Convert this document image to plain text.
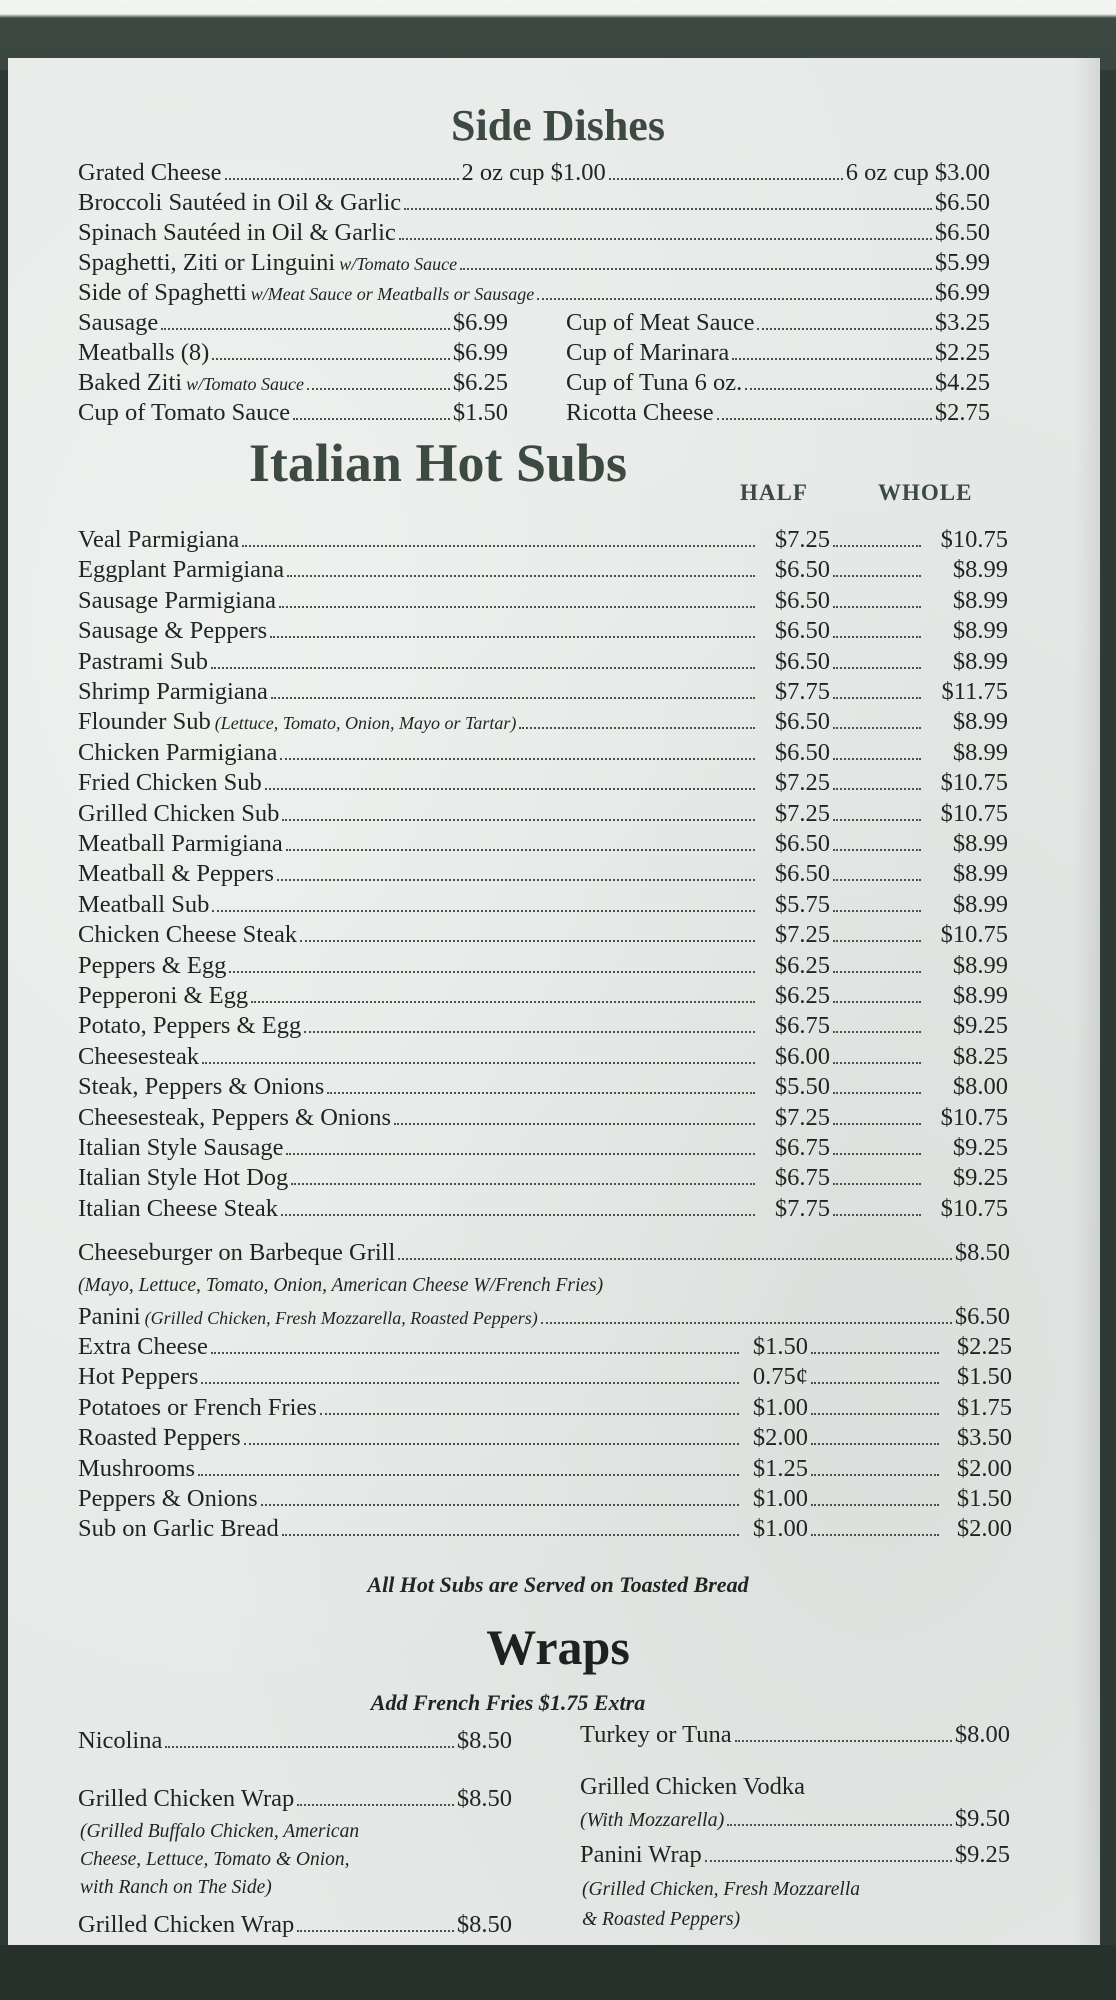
Side Dishes
Grated Cheese	2 oz cup $1.00	6 oz cup $3.00
Broccoli Sautéed in Oil & Garlic	$6.50
Spinach Sautéed in Oil & Garlic	$6.50
Spaghetti, Ziti or Linguini w/Tomato Sauce	$5.99
Side of Spaghetti w/Meat Sauce or Meatballs or Sausage	$6.99
Sausage	$6.99
Meatballs (8)	$6.99
Baked Ziti w/Tomato Sauce	$6.25
Cup of Tomato Sauce	$1.50
Cup of Meat Sauce	$3.25
Cup of Marinara	$2.25
Cup of Tuna 6 oz.	$4.25
Ricotta Cheese	$2.75
Italian Hot Subs	HALF	WHOLE
Veal Parmigiana	$7.25	$10.75
Eggplant Parmigiana	$6.50	$8.99
Sausage Parmigiana	$6.50	$8.99
Sausage & Peppers	$6.50	$8.99
Pastrami Sub	$6.50	$8.99
Shrimp Parmigiana	$7.75	$11.75
Flounder Sub (Lettuce, Tomato, Onion, Mayo or Tartar)	$6.50	$8.99
Chicken Parmigiana	$6.50	$8.99
Fried Chicken Sub	$7.25	$10.75
Grilled Chicken Sub	$7.25	$10.75
Meatball Parmigiana	$6.50	$8.99
Meatball & Peppers	$6.50	$8.99
Meatball Sub	$5.75	$8.99
Chicken Cheese Steak	$7.25	$10.75
Peppers & Egg	$6.25	$8.99
Pepperoni & Egg	$6.25	$8.99
Potato, Peppers & Egg	$6.75	$9.25
Cheesesteak	$6.00	$8.25
Steak, Peppers & Onions	$5.50	$8.00
Cheesesteak, Peppers & Onions	$7.25	$10.75
Italian Style Sausage	$6.75	$9.25
Italian Style Hot Dog	$6.75	$9.25
Italian Cheese Steak	$7.75	$10.75
Cheeseburger on Barbeque Grill	$8.50
(Mayo, Lettuce, Tomato, Onion, American Cheese W/French Fries)
Panini (Grilled Chicken, Fresh Mozzarella, Roasted Peppers)	$6.50
Extra Cheese	$1.50	$2.25
Hot Peppers	0.75¢	$1.50
Potatoes or French Fries	$1.00	$1.75
Roasted Peppers	$2.00	$3.50
Mushrooms	$1.25	$2.00
Peppers & Onions	$1.00	$1.50
Sub on Garlic Bread	$1.00	$2.00
All Hot Subs are Served on Toasted Bread
Wraps
Add French Fries $1.75 Extra
Nicolina	$8.50
Grilled Chicken Wrap	$8.50
(Grilled Buffalo Chicken, American
Cheese, Lettuce, Tomato & Onion,
with Ranch on The Side)
Grilled Chicken Wrap	$8.50
Turkey or Tuna	$8.00
Grilled Chicken Vodka
(With Mozzarella)	$9.50
Panini Wrap	$9.25
(Grilled Chicken, Fresh Mozzarella
& Roasted Peppers)
